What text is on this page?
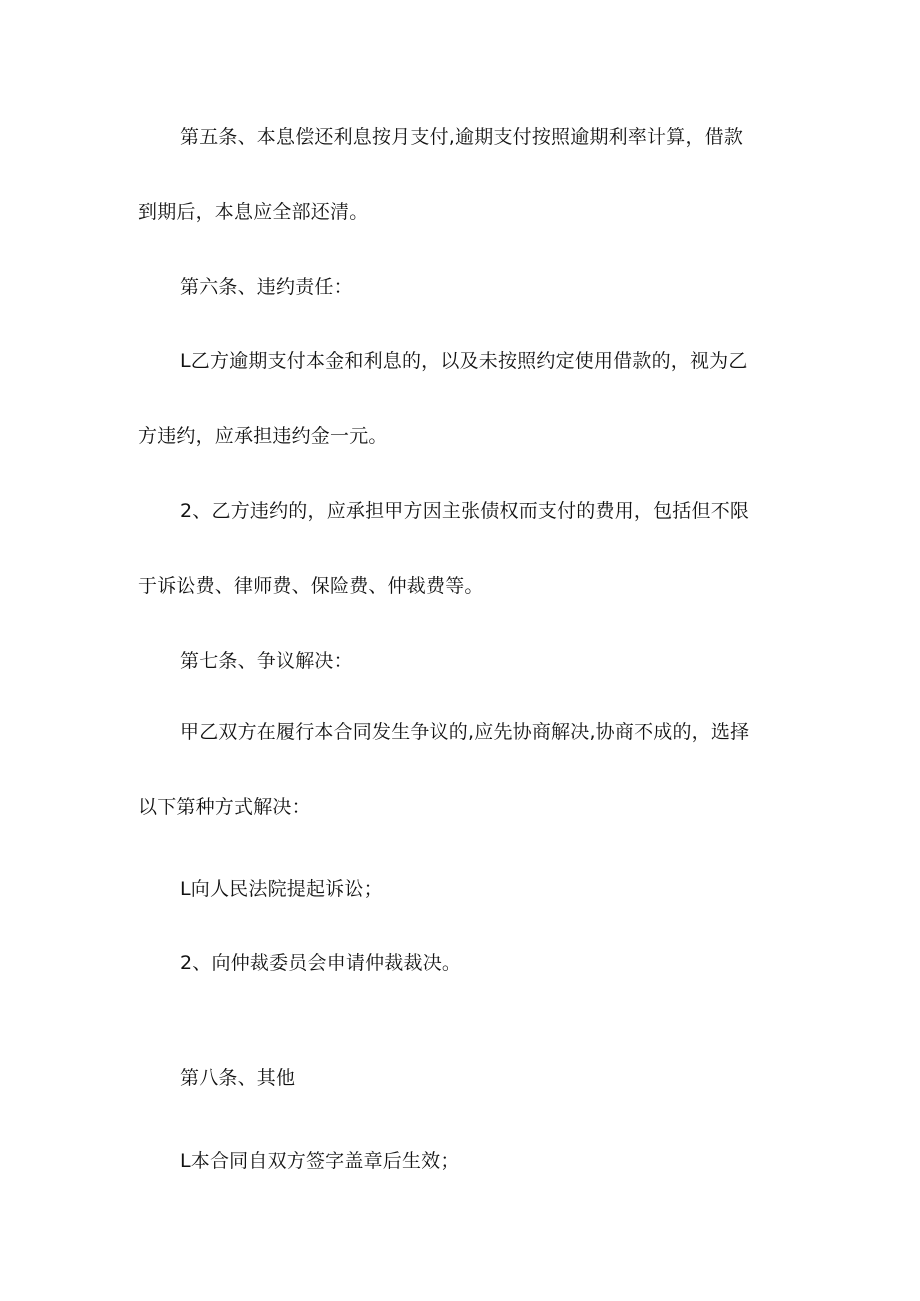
第五条、本息偿还利息按月支付,逾期支付按照逾期利率计算，借款
到期后，本息应全部还清。
第六条、违约责任：
L乙方逾期支付本金和利息的，以及未按照约定使用借款的，视为乙
方违约，应承担违约金一元。
2、乙方违约的，应承担甲方因主张债权而支付的费用，包括但不限
于诉讼费、律师费、保险费、仲裁费等。
第七条、争议解决：
甲乙双方在履行本合同发生争议的,应先协商解决,协商不成的，选择
以下第种方式解决：
L向人民法院提起诉讼；
2、向仲裁委员会申请仲裁裁决。
第八条、其他
L本合同自双方签字盖章后生效；
